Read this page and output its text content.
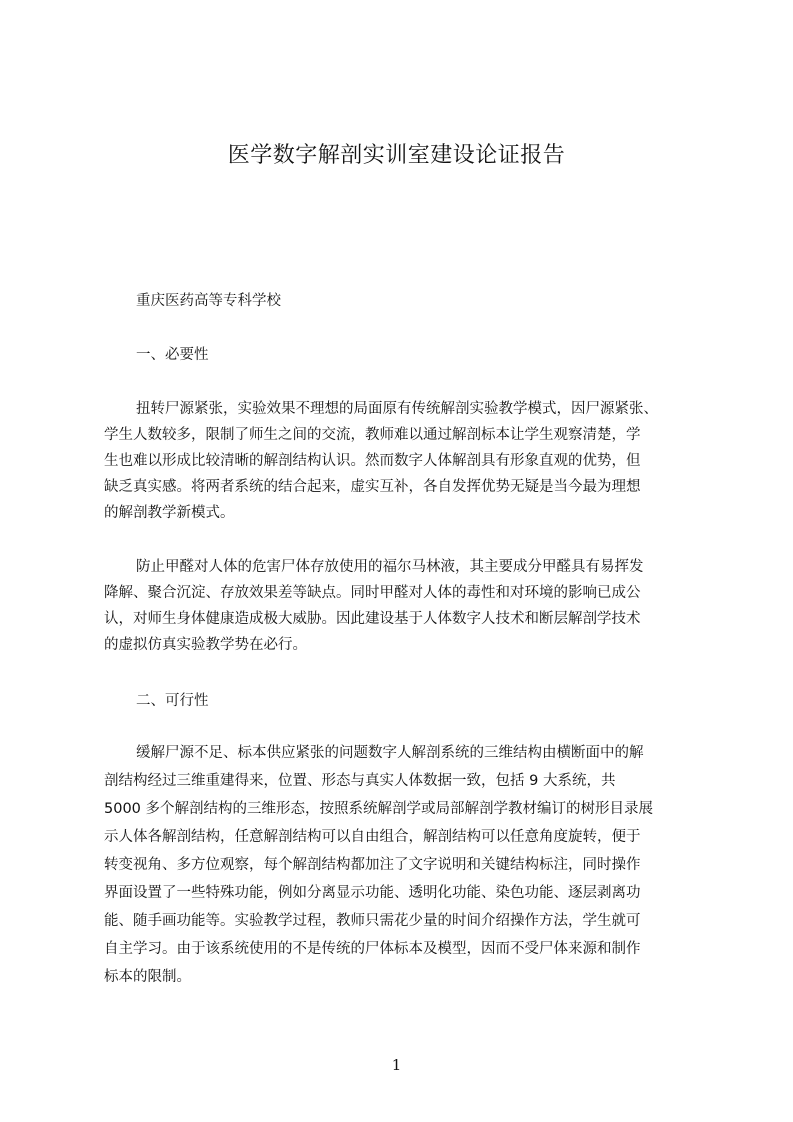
医学数字解剖实训室建设论证报告
重庆医药高等专科学校
一、必要性
扭转尸源紧张，实验效果不理想的局面原有传统解剖实验教学模式，因尸源紧张、
学生人数较多，限制了师生之间的交流，教师难以通过解剖标本让学生观察清楚，学
生也难以形成比较清晰的解剖结构认识。然而数字人体解剖具有形象直观的优势，但
缺乏真实感。将两者系统的结合起来，虚实互补，各自发挥优势无疑是当今最为理想
的解剖教学新模式。
防止甲醛对人体的危害尸体存放使用的福尔马林液，其主要成分甲醛具有易挥发
降解、聚合沉淀、存放效果差等缺点。同时甲醛对人体的毒性和对环境的影响已成公
认，对师生身体健康造成极大威胁。因此建设基于人体数字人技术和断层解剖学技术
的虚拟仿真实验教学势在必行。
二、可行性
缓解尸源不足、标本供应紧张的问题数字人解剖系统的三维结构由横断面中的解
剖结构经过三维重建得来，位置、形态与真实人体数据一致，包括 9 大系统，共
5000 多个解剖结构的三维形态，按照系统解剖学或局部解剖学教材编订的树形目录展
示人体各解剖结构，任意解剖结构可以自由组合，解剖结构可以任意角度旋转，便于
转变视角、多方位观察，每个解剖结构都加注了文字说明和关键结构标注，同时操作
界面设置了一些特殊功能，例如分离显示功能、透明化功能、染色功能、逐层剥离功
能、随手画功能等。实验教学过程，教师只需花少量的时间介绍操作方法，学生就可
自主学习。由于该系统使用的不是传统的尸体标本及模型，因而不受尸体来源和制作
标本的限制。
1
